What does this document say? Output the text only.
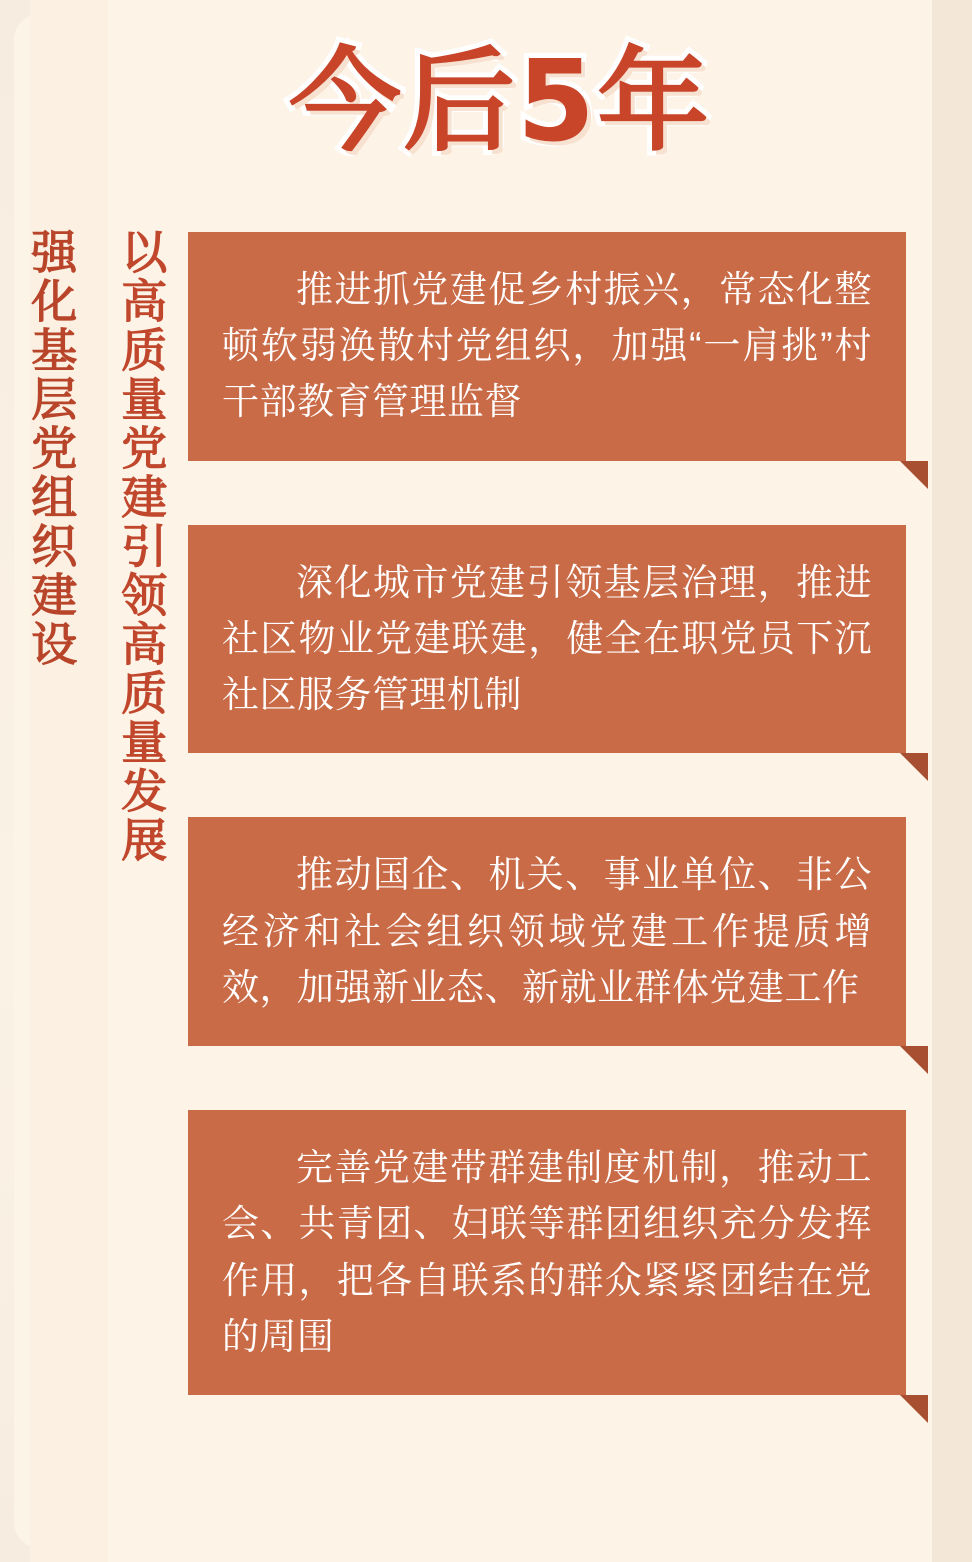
今后5年
强化基层党组织建设 以高质量党建引领高质量发展	推进抓党建促乡村振兴，常态化整顿软弱涣散村党组织，加强“一肩挑”村干部教育管理监督
深化城市党建引领基层治理，推进社区物业党建联建，健全在职党员下沉社区服务管理机制
推动国企、机关、事业单位、非公经济和社会组织领域党建工作提质增效，加强新业态、新就业群体党建工作
完善党建带群建制度机制，推动工会、共青团、妇联等群团组织充分发挥作用，把各自联系的群众紧紧团结在党的周围
